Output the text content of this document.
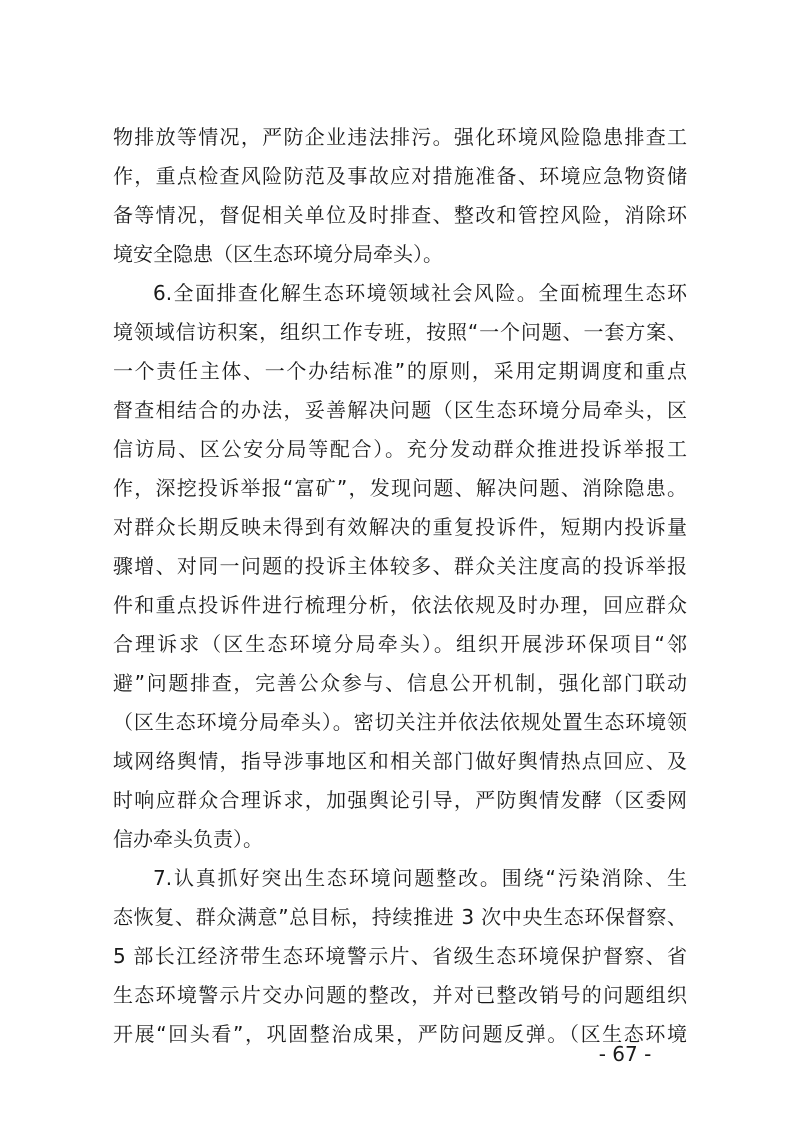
物排放等情况，严防企业违法排污。强化环境风险隐患排查工
作，重点检查风险防范及事故应对措施准备、环境应急物资储
备等情况，督促相关单位及时排查、整改和管控风险，消除环
境安全隐患（区生态环境分局牵头）。
6.全面排查化解生态环境领域社会风险。全面梳理生态环
境领域信访积案，组织工作专班，按照“一个问题、一套方案、
一个责任主体、一个办结标准”的原则，采用定期调度和重点
督查相结合的办法，妥善解决问题（区生态环境分局牵头，区
信访局、区公安分局等配合）。充分发动群众推进投诉举报工
作，深挖投诉举报“富矿”，发现问题、解决问题、消除隐患。
对群众长期反映未得到有效解决的重复投诉件，短期内投诉量
骤增、对同一问题的投诉主体较多、群众关注度高的投诉举报
件和重点投诉件进行梳理分析，依法依规及时办理，回应群众
合理诉求（区生态环境分局牵头）。组织开展涉环保项目“邻
避”问题排查，完善公众参与、信息公开机制，强化部门联动
（区生态环境分局牵头）。密切关注并依法依规处置生态环境领
域网络舆情，指导涉事地区和相关部门做好舆情热点回应、及
时响应群众合理诉求，加强舆论引导，严防舆情发酵（区委网
信办牵头负责）。
7.认真抓好突出生态环境问题整改。围绕“污染消除、生
态恢复、群众满意”总目标，持续推进 3 次中央生态环保督察、
5 部长江经济带生态环境警示片、省级生态环境保护督察、省
生态环境警示片交办问题的整改，并对已整改销号的问题组织
开展“回头看”，巩固整治成果，严防问题反弹。（区生态环境
- 67 -
